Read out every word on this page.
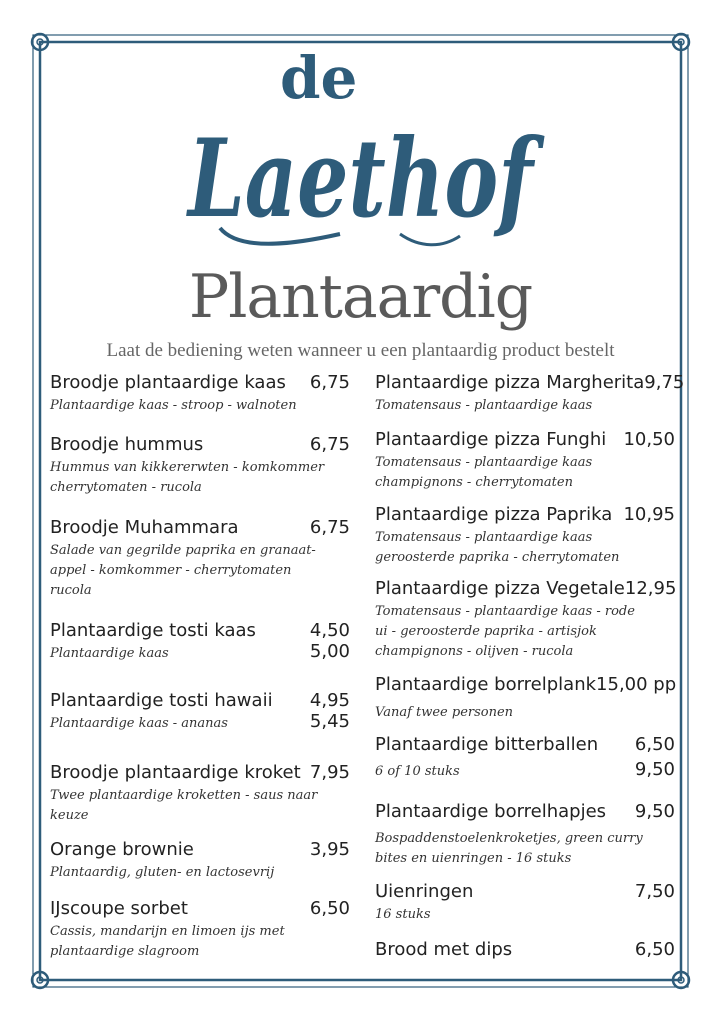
de
Laethof
Plantaardig
Laat de bediening weten wanneer u een plantaardig product bestelt
Broodje plantaardige kaas 6,75
Plantaardige kaas - stroop - walnoten
Broodje hummus	6,75
Hummus van kikkererwten - komkommer
cherrytomaten - rucola
Broodje Muhammara	6,75
Salade van gegrilde paprika en granaat-
appel - komkommer - cherrytomaten
rucola
Plantaardige tosti kaas	4,50
Plantaardige kaas	5,00
Plantaardige tosti hawaii 4,95
Plantaardige kaas - ananas	5,45
Broodje plantaardige kroket 7,95
Twee plantaardige kroketten - saus naar
keuze
Orange brownie	3,95
Plantaardig, gluten- en lactosevrij
IJscoupe sorbet	6,50
Cassis, mandarijn en limoen ijs met
plantaardige slagroom
Plantaardige pizza Margherita 9,75
Tomatensaus - plantaardige kaas
Plantaardige pizza Funghi 10,50
Tomatensaus - plantaardige kaas
champignons - cherrytomaten
Plantaardige pizza Paprika 10,95
Tomatensaus - plantaardige kaas
geroosterde paprika - cherrytomaten
Plantaardige pizza Vegetale 12,95
Tomatensaus - plantaardige kaas - rode
ui - geroosterde paprika - artisjok
champignons - olijven - rucola
Plantaardige borrelplank 15,00 pp
Vanaf twee personen
Plantaardige bitterballen 6,50
6 of 10 stuks	9,50
Plantaardige borrelhapjes 9,50
Bospaddenstoelenkroketjes, green curry
bites en uienringen - 16 stuks
Uienringen	7,50
16 stuks
Brood met dips	6,50
